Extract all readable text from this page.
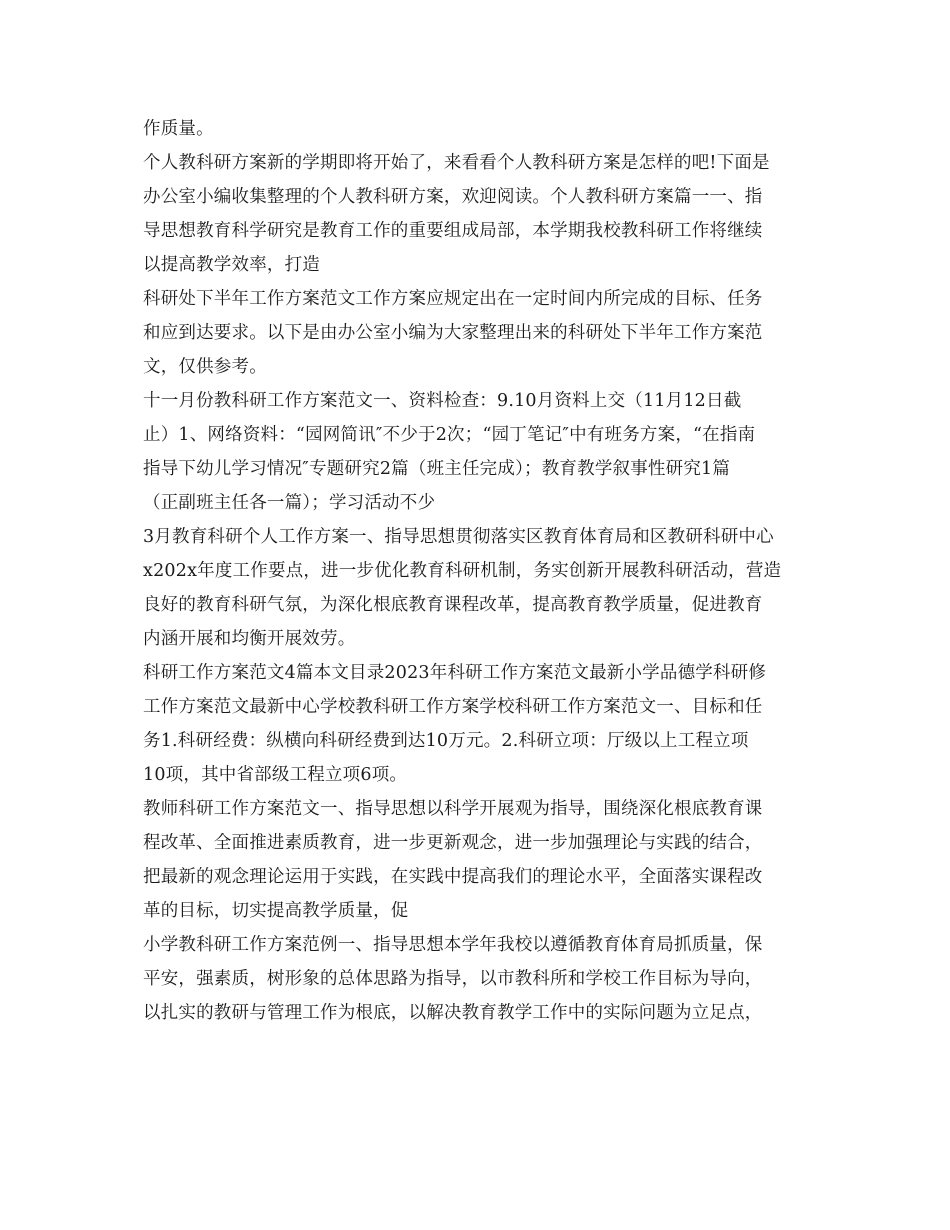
作质量。
个人教科研方案新的学期即将开始了，来看看个人教科研方案是怎样的吧!下面是
办公室小编收集整理的个人教科研方案，欢迎阅读。个人教科研方案篇一一、指
导思想教育科学研究是教育工作的重要组成局部，本学期我校教科研工作将继续
以提高教学效率，打造
科研处下半年工作方案范文工作方案应规定出在一定时间内所完成的目标、任务
和应到达要求。以下是由办公室小编为大家整理出来的科研处下半年工作方案范
文，仅供参考。
十一月份教科研工作方案范文一、资料检查：9.10月资料上交（11月12日截
止）1、网络资料：“园网简讯″不少于2次；“园丁笔记″中有班务方案，“在指南
指导下幼儿学习情况″专题研究2篇（班主任完成）；教育教学叙事性研究1篇
（正副班主任各一篇）；学习活动不少
3月教育科研个人工作方案一、指导思想贯彻落实区教育体育局和区教研科研中心
x202x年度工作要点，进一步优化教育科研机制，务实创新开展教科研活动，营造
良好的教育科研气氛，为深化根底教育课程改革，提高教育教学质量，促进教育
内涵开展和均衡开展效劳。
科研工作方案范文4篇本文目录2023年科研工作方案范文最新小学品德学科研修
工作方案范文最新中心学校教科研工作方案学校科研工作方案范文一、目标和任
务1.科研经费：纵横向科研经费到达10万元。2.科研立项：厅级以上工程立项
10项，其中省部级工程立项6项。
教师科研工作方案范文一、指导思想以科学开展观为指导，围绕深化根底教育课
程改革、全面推进素质教育，进一步更新观念，进一步加强理论与实践的结合，
把最新的观念理论运用于实践，在实践中提高我们的理论水平，全面落实课程改
革的目标，切实提高教学质量，促
小学教科研工作方案范例一、指导思想本学年我校以遵循教育体育局抓质量，保
平安，强素质，树形象的总体思路为指导，以市教科所和学校工作目标为导向，
以扎实的教研与管理工作为根底，以解决教育教学工作中的实际问题为立足点，
